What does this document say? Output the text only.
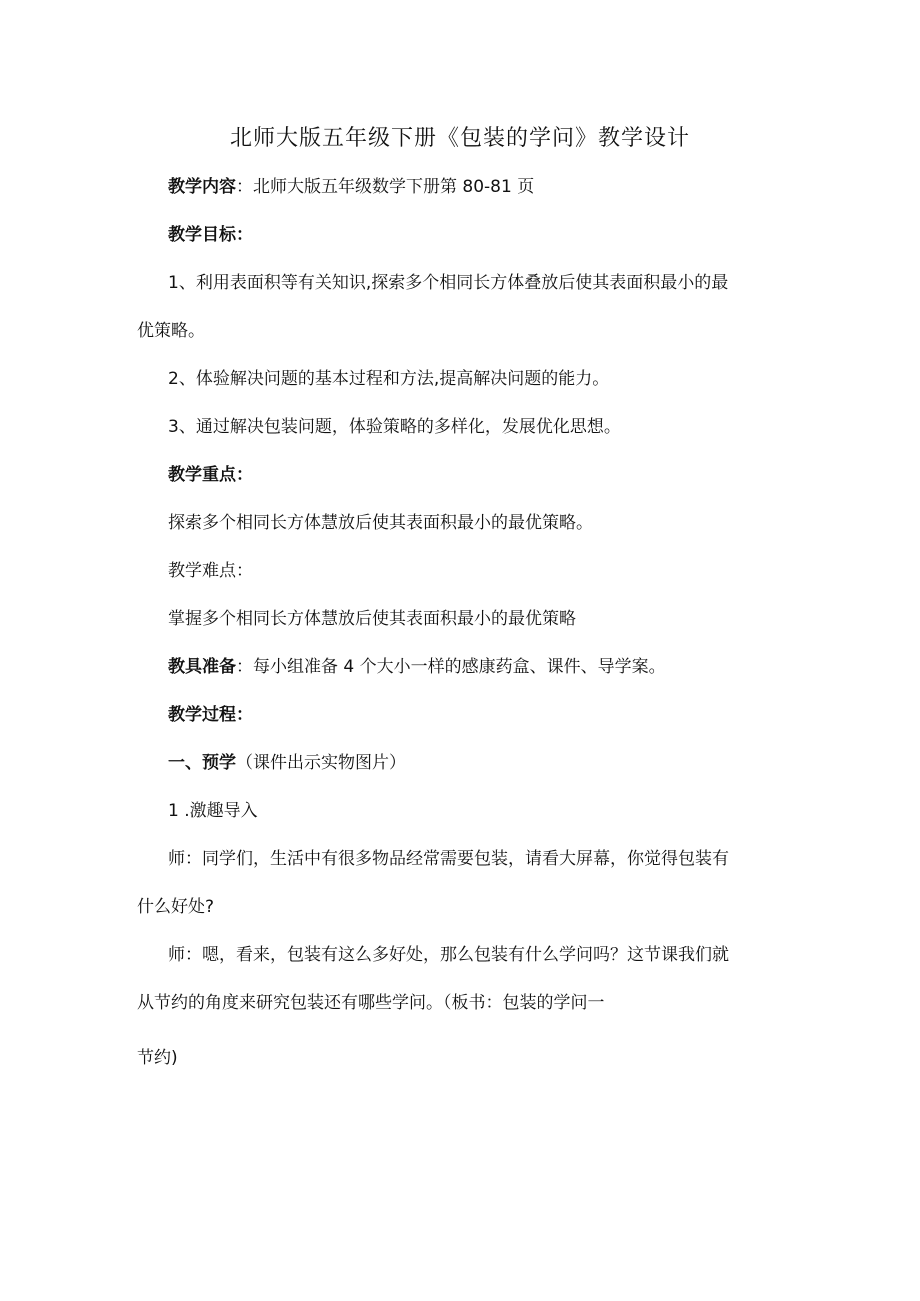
北师大版五年级下册《包装的学问》教学设计
教学内容：北师大版五年级数学下册第 80-81 页
教学目标：
1、利用表面积等有关知识,探索多个相同长方体叠放后使其表面积最小的最
优策略。
2、体验解决问题的基本过程和方法,提高解决问题的能力。
3、通过解决包装问题，体验策略的多样化，发展优化思想。
教学重点：
探索多个相同长方体慧放后使其表面积最小的最优策略。
教学难点：
掌握多个相同长方体慧放后使其表面积最小的最优策略
教具准备：每小组准备 4 个大小一样的感康药盒、课件、导学案。
教学过程：
一、预学（课件出示实物图片）
1 .激趣导入
师：同学们，生活中有很多物品经常需要包装，请看大屏幕，你觉得包装有
什么好处?
师：嗯，看来，包装有这么多好处，那么包装有什么学问吗？这节课我们就
从节约的角度来研究包装还有哪些学问。（板书：包装的学问一
节约)
